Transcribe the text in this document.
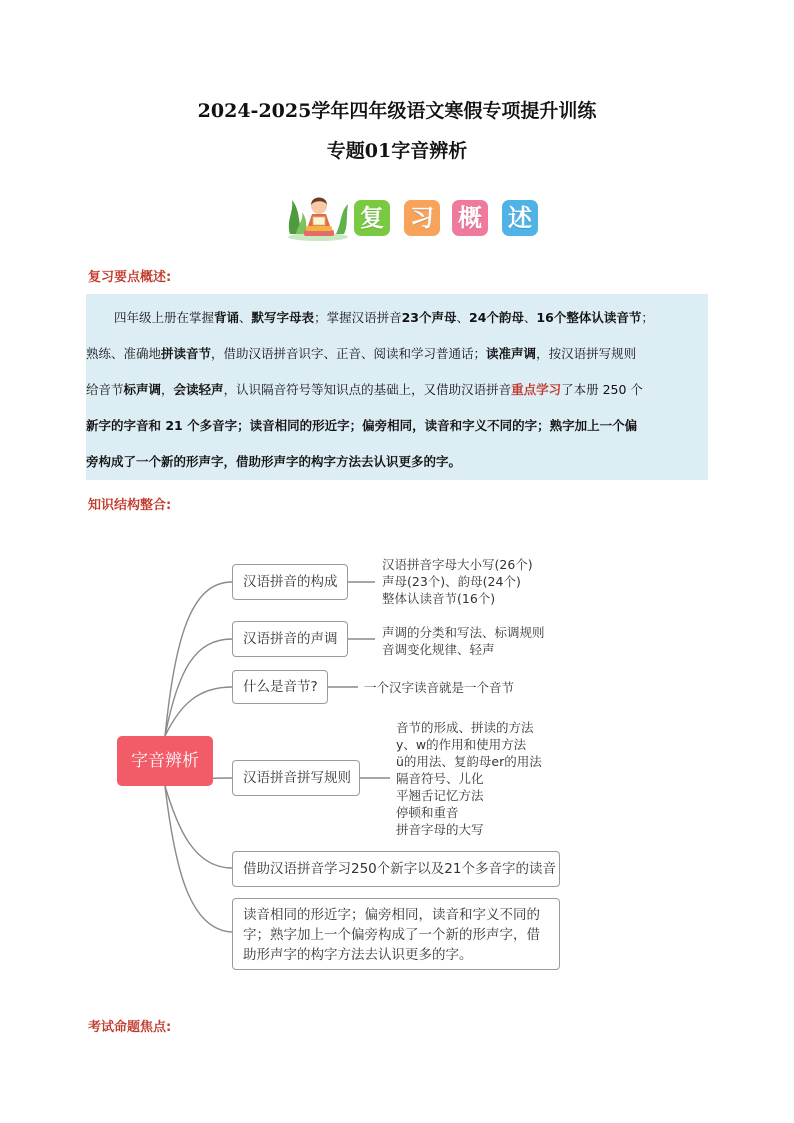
2024-2025学年四年级语文寒假专项提升训练
专题01字音辨析
复 习 概 述
复习要点概述:
四年级上册在掌握背诵、默写字母表；掌握汉语拼音23个声母、24个韵母、16个整体认读音节；
熟练、准确地拼读音节，借助汉语拼音识字、正音、阅读和学习普通话；读准声调，按汉语拼写规则
给音节标声调，会读轻声，认识隔音符号等知识点的基础上，又借助汉语拼音重点学习了本册 250 个
新字的字音和 21 个多音字；读音相同的形近字；偏旁相同，读音和字义不同的字；熟字加上一个偏
旁构成了一个新的形声字，借助形声字的构字方法去认识更多的字。
知识结构整合:
字音辨析
汉语拼音的构成
汉语拼音字母大小写(26个)
声母(23个)、韵母(24个)
整体认读音节(16个)
汉语拼音的声调	声调的分类和写法、标调规则
音调变化规律、轻声
什么是音节?	一个汉字读音就是一个音节
汉语拼音拼写规则
音节的形成、拼读的方法
y、w的作用和使用方法
ü的用法、复韵母er的用法
隔音符号、儿化
平翘舌记忆方法
停顿和重音
拼音字母的大写
借助汉语拼音学习250个新字以及21个多音字的读音
读音相同的形近字；偏旁相同，读音和字义不同的
字；熟字加上一个偏旁构成了一个新的形声字，借
助形声字的构字方法去认识更多的字。
考试命题焦点:
